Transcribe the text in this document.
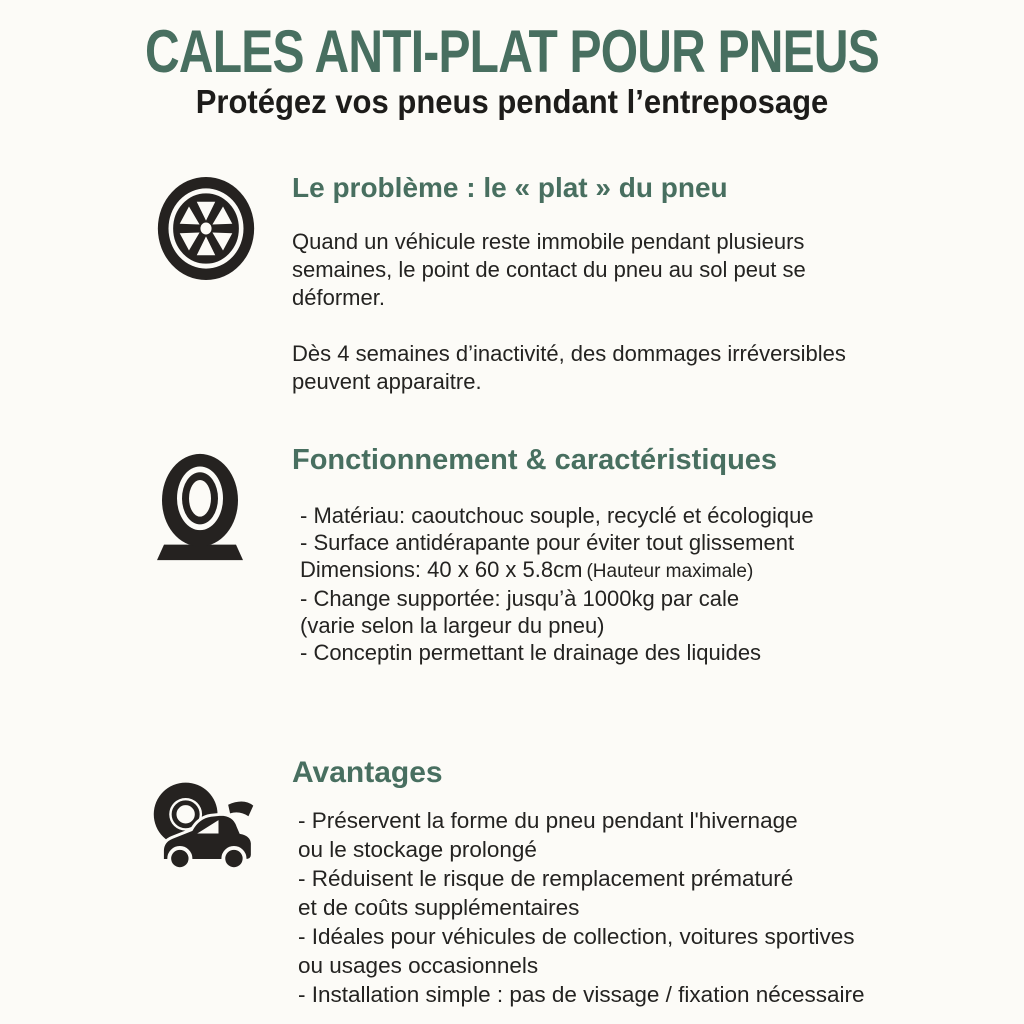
CALES ANTI-PLAT POUR PNEUS
Protégez vos pneus pendant l’entreposage
Le problème : le « plat » du pneu

Quand un véhicule reste immobile pendant plusieurs semaines, le point de contact du pneu au sol peut se déformer.

Dès 4 semaines d’inactivité, des dommages irréversibles peuvent apparaitre.

Fonctionnement & caractéristiques
- Matériau: caoutchouc souple, recyclé et écologique
- Surface antidérapante pour éviter tout glissement
Dimensions: 40 x 60 x 5.8cm (Hauteur maximale)
- Change supportée: jusqu’à 1000kg par cale
(varie selon la largeur du pneu)
- Conceptin permettant le drainage des liquides
Avantages
- Préservent la forme du pneu pendant l'hivernage
ou le stockage prolongé
- Réduisent le risque de remplacement prématuré
et de coûts supplémentaires
- Idéales pour véhicules de collection, voitures sportives
ou usages occasionnels
- Installation simple : pas de vissage / fixation nécessaire
